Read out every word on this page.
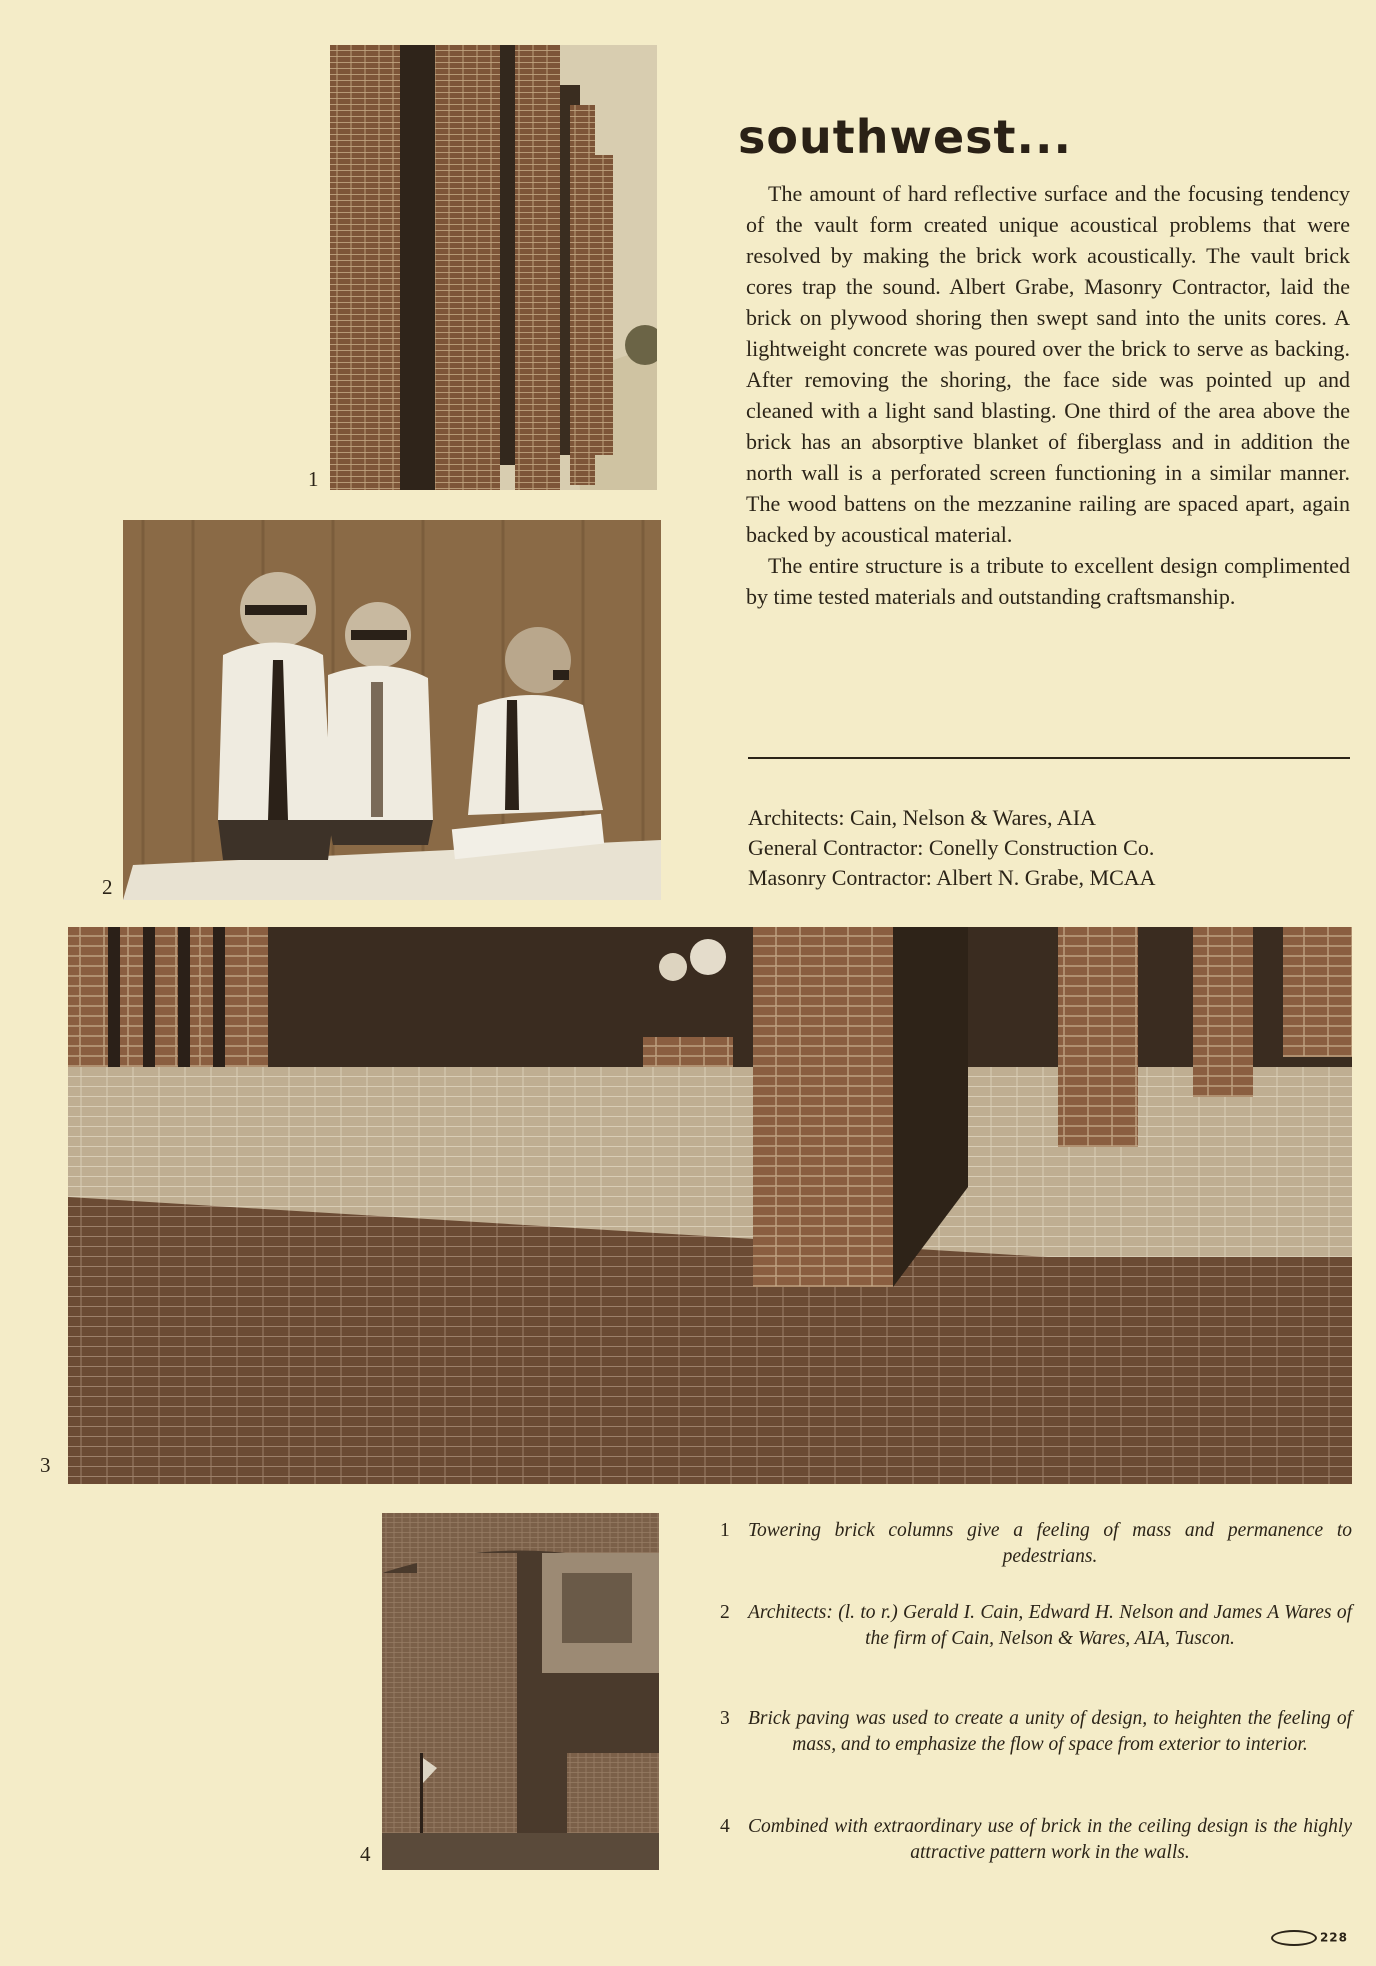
1
2
southwest...

The amount of hard reflective surface and the focusing tendency of the vault form created unique acoustical problems that were resolved by making the brick work acoustically. The vault brick cores trap the sound. Albert Grabe, Masonry Contractor, laid the brick on plywood shoring then swept sand into the units cores. A lightweight concrete was poured over the brick to serve as backing. After removing the shoring, the face side was pointed up and cleaned with a light sand blasting. One third of the area above the brick has an absorptive blanket of fiberglass and in addition the north wall is a perforated screen functioning in a similar manner. The wood battens on the mezzanine railing are spaced apart, again backed by acoustical material.

The entire structure is a tribute to excellent design complimented by time tested materials and outstanding craftsmanship.

Architects: Cain, Nelson & Wares, AIA
General Contractor: Conelly Construction Co.
Masonry Contractor: Albert N. Grabe, MCAA
3
4
1 Towering brick columns give a feeling of mass and permanence to pedestrians.
2 Architects: (l. to r.) Gerald I. Cain, Edward H. Nelson and James A Wares of the firm of Cain, Nelson & Wares, AIA, Tuscon.
3 Brick paving was used to create a unity of design, to heighten the feeling of mass, and to emphasize the flow of space from exterior to interior.
4 Combined with extraordinary use of brick in the ceiling design is the highly attractive pattern work in the walls.
228
